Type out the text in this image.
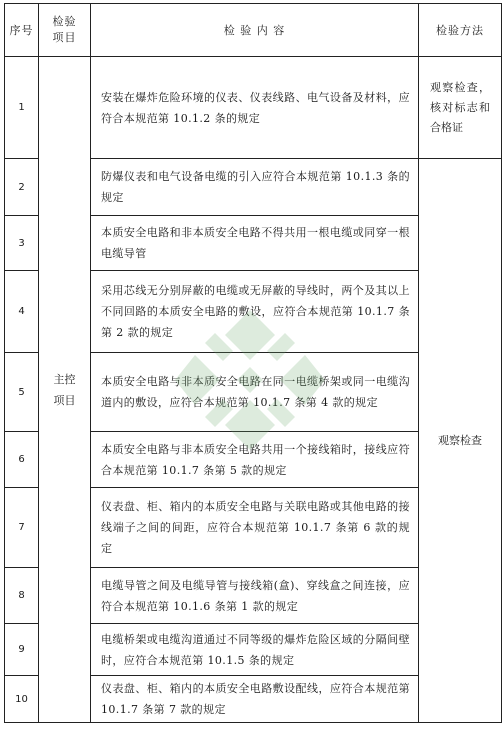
序号	检验项目	检 验 内 容	检验方法
1	主控项目	安装在爆炸危险环境的仪表、仪表线路、电气设备及材料，应符合本规范第 10.1.2 条的规定	观察检查，核对标志和合格证

2		防爆仪表和电气设备电缆的引入应符合本规范第 10.1.3 条的规定	观察检查
3		本质安全电路和非本质安全电路不得共用一根电缆或同穿一根电缆导管	
4		采用芯线无分别屏蔽的电缆或无屏蔽的导线时，两个及其以上不同回路的本质安全电路的敷设，应符合本规范第 10.1.7 条第 2 款的规定	
5		本质安全电路与非本质安全电路在同一电缆桥架或同一电缆沟道内的敷设，应符合本规范第 10.1.7 条第 4 款的规定	
6		本质安全电路与非本质安全电路共用一个接线箱时，接线应符合本规范第 10.1.7 条第 5 款的规定	
7		仪表盘、柜、箱内的本质安全电路与关联电路或其他电路的接线端子之间的间距，应符合本规范第 10.1.7 条第 6 款的规定	
8		电缆导管之间及电缆导管与接线箱(盒)、穿线盒之间连接，应符合本规范第 10.1.6 条第 1 款的规定	
9		电缆桥架或电缆沟道通过不同等级的爆炸危险区域的分隔间壁时，应符合本规范第 10.1.5 条的规定	
10		仪表盘、柜、箱内的本质安全电路敷设配线，应符合本规范第 10.1.7 条第 7 款的规定	
